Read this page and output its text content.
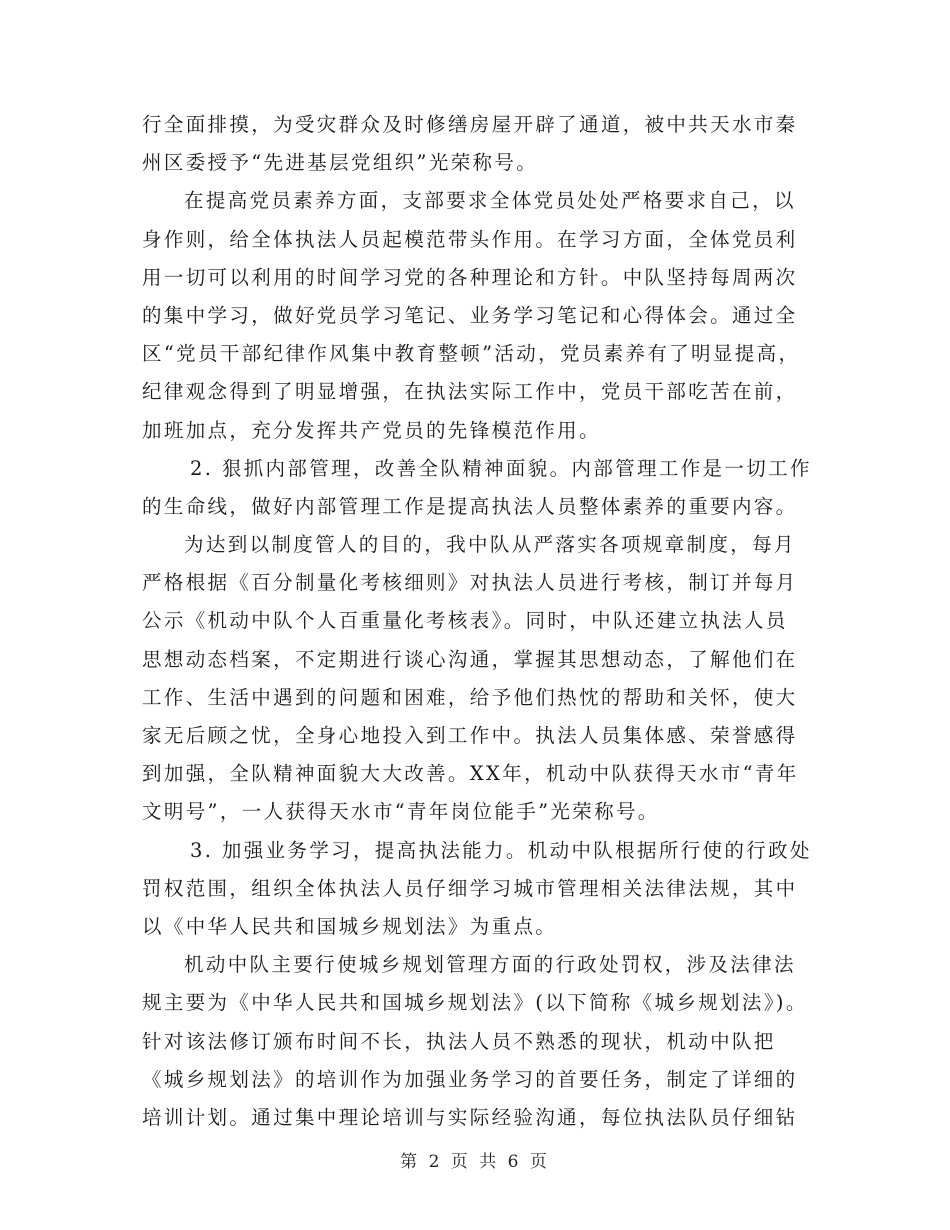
行全面排摸，为受灾群众及时修缮房屋开辟了通道，被中共天水市秦
州区委授予“先进基层党组织”光荣称号。
在提高党员素养方面，支部要求全体党员处处严格要求自己，以
身作则，给全体执法人员起模范带头作用。在学习方面，全体党员利
用一切可以利用的时间学习党的各种理论和方针。中队坚持每周两次
的集中学习，做好党员学习笔记、业务学习笔记和心得体会。通过全
区“党员干部纪律作风集中教育整顿”活动，党员素养有了明显提高，
纪律观念得到了明显增强，在执法实际工作中，党员干部吃苦在前，
加班加点，充分发挥共产党员的先锋模范作用。
2. 狠抓内部管理，改善全队精神面貌。内部管理工作是一切工作
的生命线，做好内部管理工作是提高执法人员整体素养的重要内容。
为达到以制度管人的目的，我中队从严落实各项规章制度，每月
严格根据《百分制量化考核细则》对执法人员进行考核，制订并每月
公示《机动中队个人百重量化考核表》。同时，中队还建立执法人员
思想动态档案，不定期进行谈心沟通，掌握其思想动态，了解他们在
工作、生活中遇到的问题和困难，给予他们热忱的帮助和关怀，使大
家无后顾之忧，全身心地投入到工作中。执法人员集体感、荣誉感得
到加强，全队精神面貌大大改善。XX年，机动中队获得天水市“青年
文明号”，一人获得天水市“青年岗位能手”光荣称号。
3. 加强业务学习，提高执法能力。机动中队根据所行使的行政处
罚权范围，组织全体执法人员仔细学习城市管理相关法律法规，其中
以《中华人民共和国城乡规划法》为重点。
机动中队主要行使城乡规划管理方面的行政处罚权，涉及法律法
规主要为《中华人民共和国城乡规划法》(以下简称《城乡规划法》)。
针对该法修订颁布时间不长，执法人员不熟悉的现状，机动中队把
《城乡规划法》的培训作为加强业务学习的首要任务，制定了详细的
培训计划。通过集中理论培训与实际经验沟通，每位执法队员仔细钻
第 2 页 共 6 页
